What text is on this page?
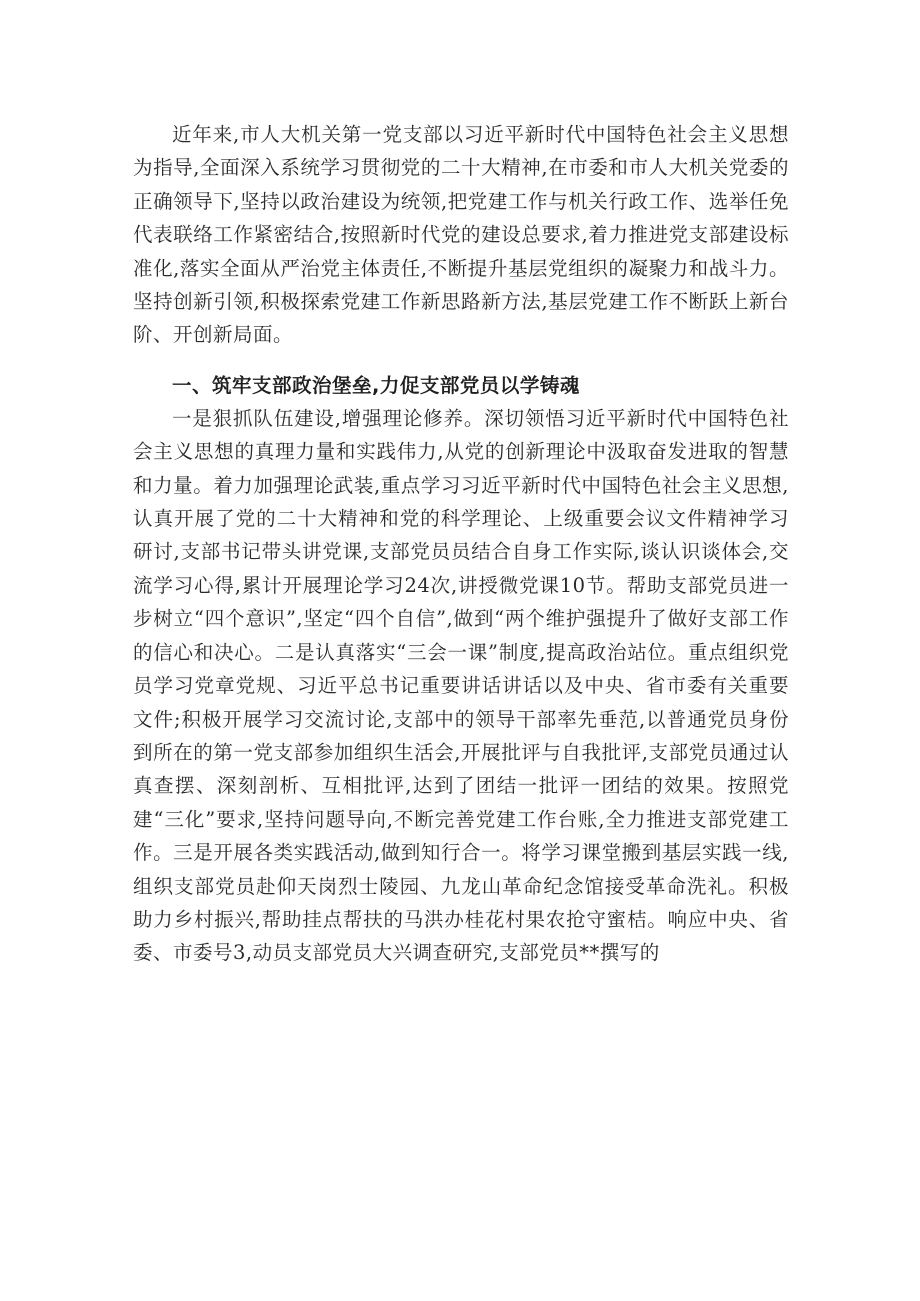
近年来,市人大机关第一党支部以习近平新时代中国特色社会主义思想为指导,全面深入系统学习贯彻党的二十大精神,在市委和市人大机关党委的正确领导下,坚持以政治建设为统领,把党建工作与机关行政工作、选举任免代表联络工作紧密结合,按照新时代党的建设总要求,着力推进党支部建设标准化,落实全面从严治党主体责任,不断提升基层党组织的凝聚力和战斗力。坚持创新引领,积极探索党建工作新思路新方法,基层党建工作不断跃上新台阶、开创新局面。

一、筑牢支部政治堡垒,力促支部党员以学铸魂

一是狠抓队伍建设,增强理论修养。深切领悟习近平新时代中国特色社会主义思想的真理力量和实践伟力,从党的创新理论中汲取奋发进取的智慧和力量。着力加强理论武装,重点学习习近平新时代中国特色社会主义思想,认真开展了党的二十大精神和党的科学理论、上级重要会议文件精神学习研讨,支部书记带头讲党课,支部党员员结合自身工作实际,谈认识谈体会,交流学习心得,累计开展理论学习24次,讲授微党课10节。帮助支部党员进一步树立“四个意识”,坚定“四个自信”,做到“两个维护强提升了做好支部工作的信心和决心。二是认真落实“三会一课”制度,提高政治站位。重点组织党员学习党章党规、习近平总书记重要讲话讲话以及中央、省市委有关重要文件;积极开展学习交流讨论,支部中的领导干部率先垂范,以普通党员身份到所在的第一党支部参加组织生活会,开展批评与自我批评,支部党员通过认真查摆、深刻剖析、互相批评,达到了团结一批评一团结的效果。按照党建“三化”要求,坚持问题导向,不断完善党建工作台账,全力推进支部党建工作。三是开展各类实践活动,做到知行合一。将学习课堂搬到基层实践一线,组织支部党员赴仰天岗烈士陵园、九龙山革命纪念馆接受革命洗礼。积极助力乡村振兴,帮助挂点帮扶的马洪办桂花村果农抢守蜜桔。响应中央、省委、市委号3,动员支部党员大兴调查研究,支部党员**撰写的
